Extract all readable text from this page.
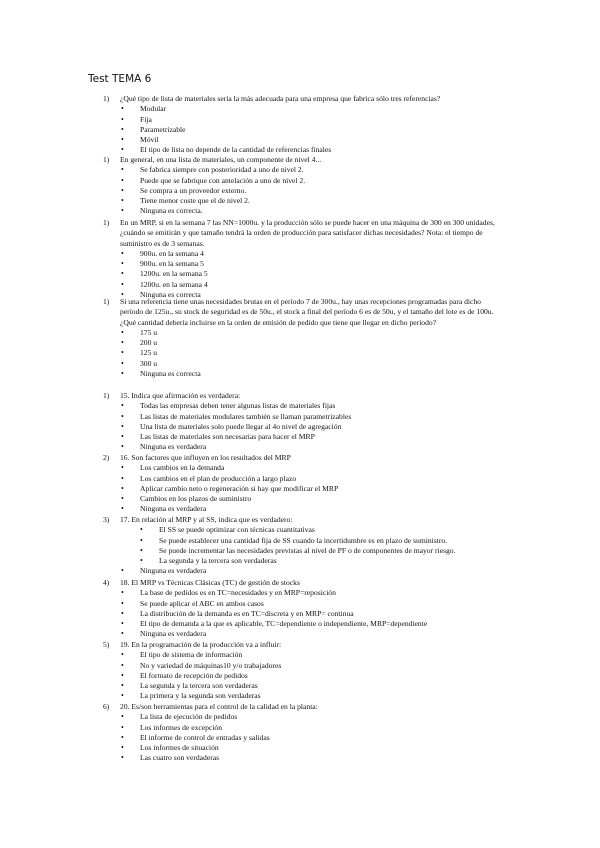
Test TEMA 6
1) ¿Qué tipo de lista de materiales sería la más adecuada para una empresa que fabrica sólo tres referencias?
• Modular
• Fija
• Parametrizable
• Móvil
• El tipo de lista no depende de la cantidad de referencias finales
1) En general, en una lista de materiales, un componente de nivel 4...
• Se fabrica siempre con posterioridad a uno de nivel 2.
• Puede que se fabrique con antelación a uno de nivel 2.
• Se compra a un proveedor externo.
• Tiene menor coste que el de nivel 2.
• Ninguna es correcta.
1) En un MRP, si en la semana 7 las NN=1000u. y la producción sólo se puede hacer en una máquina de 300 en 300 unidades, ¿cuándo se emitirán y que tamaño tendrá la orden de producción para satisfacer dichas necesidades? Nota: el tiempo de suministro es de 3 semanas.
• 900u. en la semana 4
• 900u. en la semana 5
• 1200u. en la semana 5
• 1200u. en la semana 4
• Ninguna es correcta
1) Si una referencia tiene unas necesidades brutas en el período 7 de 300u., hay unas recepciones programadas para dicho período de 125u., su stock de seguridad es de 50u., el stock a final del período 6 es de 50u, y el tamaño del lote es de 100u. ¿Qué cantidad debería incluirse en la orden de emisión de pedido que tiene que llegar en dicho período?
• 175 u
• 200 u
• 125 u
• 300 u
• Ninguna es correcta
1) 15. Indica que afirmación es verdadera:
• Todas las empresas deben tener algunas listas de materiales fijas
• Las listas de materiales modulares también se llaman parametrizables
• Una lista de materiales solo puede llegar al 4o nivel de agregación
• Las listas de materiales son necesarias para hacer el MRP
• Ninguna es verdadera
2) 16. Son factores que influyen en los resultados del MRP
• Los cambios en la demanda
• Los cambios en el plan de producción a largo plazo
• Aplicar cambio neto o regeneración si hay que modificar el MRP
• Cambios en los plazos de suministro
• Ninguna es verdadera
3) 17. En relación al MRP y al SS, indica que es verdadero:
• El SS se puede optimizar con técnicas cuantitativas
• Se puede establecer una cantidad fija de SS cuando la incertidumbre es en plazo de suministro.
• Se puede incrementar las necesidades previstas al nivel de PF o de componentes de mayor riesgo.
• La segunda y la tercera son verdaderas
• Ninguna es verdadera
4) 18. El MRP vs Técnicas Clásicas (TC) de gestión de stocks
• La base de pedidos es en TC=necesidades y en MRP=reposición
• Se puede aplicar el ABC en ambos casos
• La distribución de la demanda es en TC=discreta y en MRP= continua
• El tipo de demanda a la que es aplicable, TC=dependiente o independiente, MRP=dependiente
• Ninguna es verdadera
5) 19. En la programación de la producción va a influir:
• El tipo de sistema de información
• No y variedad de máquinas10 y/o trabajadores
• El formato de recepción de pedidos
• La segunda y la tercera son verdaderas
• La primera y la segunda son verdaderas
6) 20. Es/son herramientas para el control de la calidad en la planta:
• La lista de ejecución de pedidos
• Los informes de excepción
• El informe de control de entradas y salidas
• Los informes de situación
• Las cuatro son verdaderas
